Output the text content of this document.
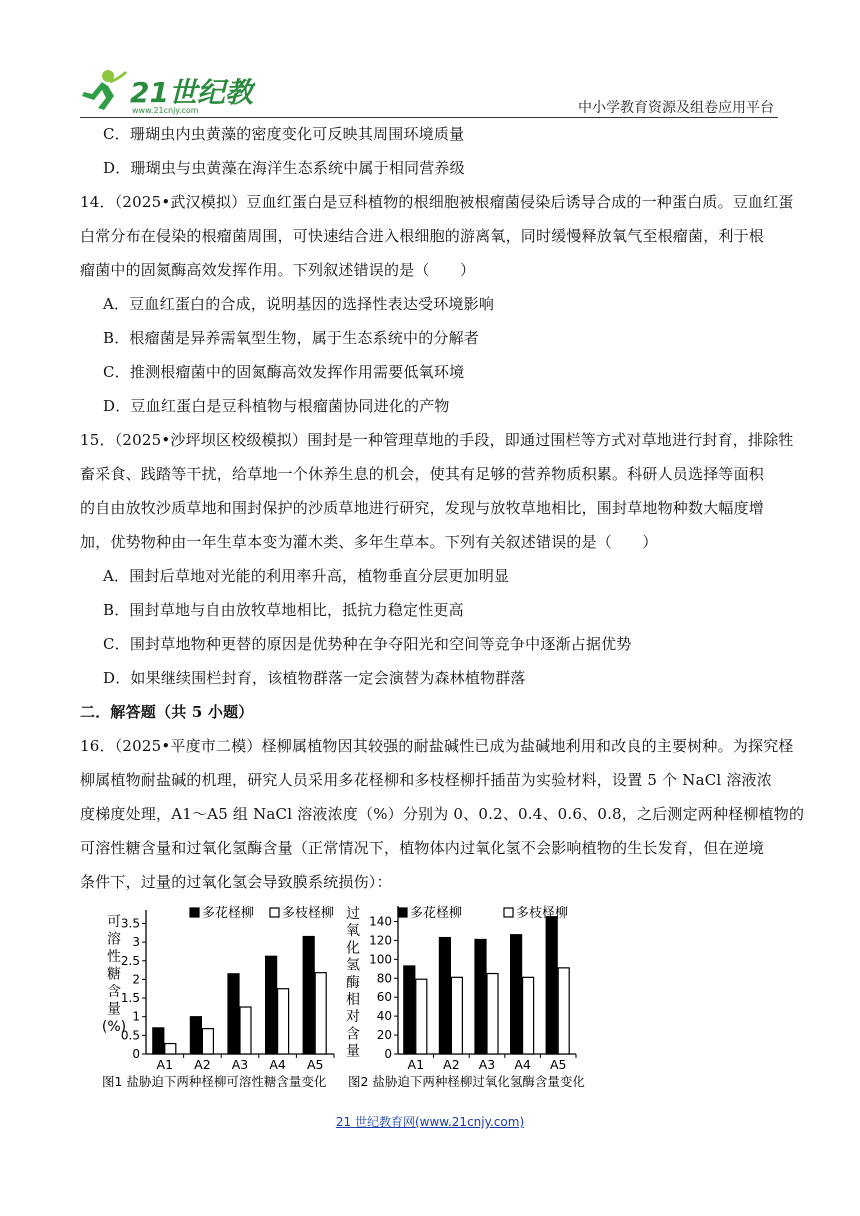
21世纪教
www.21cnjy.com	中小学教育资源及组卷应用平台
C．珊瑚虫内虫黄藻的密度变化可反映其周围环境质量
D．珊瑚虫与虫黄藻在海洋生态系统中属于相同营养级
14．（2025•武汉模拟）豆血红蛋白是豆科植物的根细胞被根瘤菌侵染后诱导合成的一种蛋白质。豆血红蛋
白常分布在侵染的根瘤菌周围，可快速结合进入根细胞的游离氧，同时缓慢释放氧气至根瘤菌，利于根
瘤菌中的固氮酶高效发挥作用。下列叙述错误的是（　　）
A．豆血红蛋白的合成，说明基因的选择性表达受环境影响
B．根瘤菌是异养需氧型生物，属于生态系统中的分解者
C．推测根瘤菌中的固氮酶高效发挥作用需要低氧环境
D．豆血红蛋白是豆科植物与根瘤菌协同进化的产物
15．（2025•沙坪坝区校级模拟）围封是一种管理草地的手段，即通过围栏等方式对草地进行封育，排除牲
畜采食、践踏等干扰，给草地一个休养生息的机会，使其有足够的营养物质积累。科研人员选择等面积
的自由放牧沙质草地和围封保护的沙质草地进行研究，发现与放牧草地相比，围封草地物种数大幅度增
加，优势物种由一年生草本变为灌木类、多年生草本。下列有关叙述错误的是（　　）
A．围封后草地对光能的利用率升高，植物垂直分层更加明显
B．围封草地与自由放牧草地相比，抵抗力稳定性更高
C．围封草地物种更替的原因是优势种在争夺阳光和空间等竞争中逐渐占据优势
D．如果继续围栏封育，该植物群落一定会演替为森林植物群落
二．解答题（共 5 小题）
16．（2025•平度市二模）柽柳属植物因其较强的耐盐碱性已成为盐碱地利用和改良的主要树种。为探究柽
柳属植物耐盐碱的机理，研究人员采用多花柽柳和多枝柽柳扦插苗为实验材料，设置 5 个 NaCl 溶液浓
度梯度处理，A1～A5 组 NaCl 溶液浓度（%）分别为 0、0.2、0.4、0.6、0.8，之后测定两种柽柳植物的
可溶性糖含量和过氧化氢酶含量（正常情况下，植物体内过氧化氢不会影响植物的生长发育，但在逆境
条件下，过量的过氧化氢会导致膜系统损伤）：
可
溶
性
糖
含
量
(%)
0
0.5
1
1.5
2
2.5
3
3.5
A1 A2 A3 A4 A5
多花柽柳 多枝柽柳
图1 盐胁迫下两种柽柳可溶性糖含量变化
过
氧
化
氢
酶
相
对
含
量 0
20
40
60
80
100
120
140
A1 A2 A3 A4 A5
多花柽柳	多枝柽柳
图2 盐胁迫下两种柽柳过氧化氢酶含量变化
21 世纪教育网(www.21cnjy.com)
